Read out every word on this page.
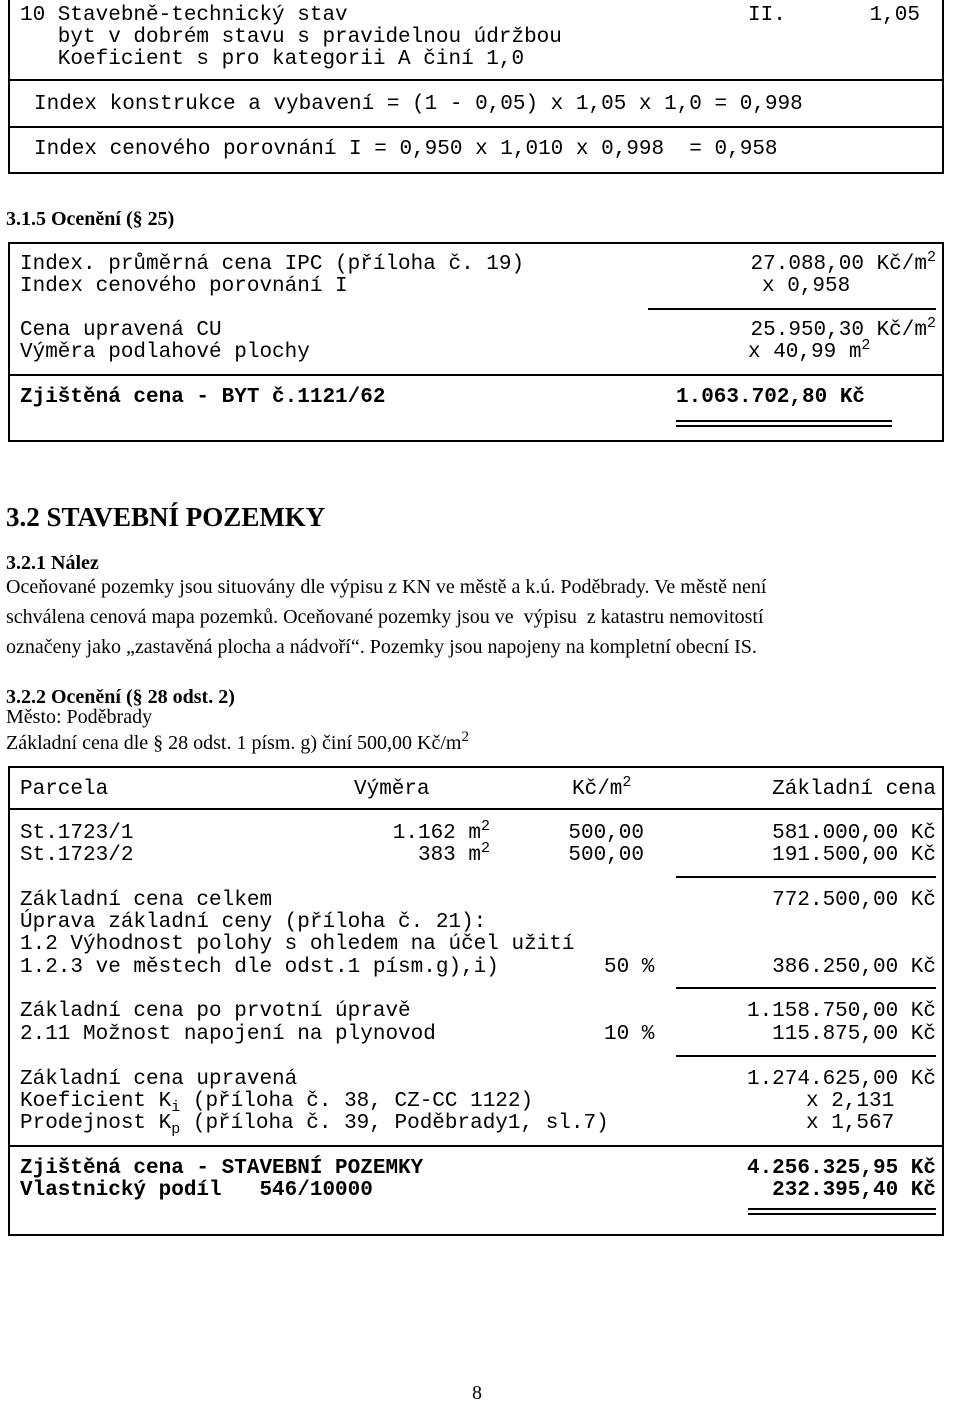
10 Stavebně-technický stav	II.	1,05
byt v dobrém stavu s pravidelnou údržbou
Koeficient s pro kategorii A činí 1,0
Index konstrukce a vybavení = (1 - 0,05) x 1,05 x 1,0 = 0,998
Index cenového porovnání I = 0,950 x 1,010 x 0,998  = 0,958
3.1.5 Ocenění (§ 25)
Index. průměrná cena IPC (příloha č. 19)	27.088,00 $Kč/m^2$
Index cenového porovnání I	x 0,958
Cena upravená CU	25.950,30 $Kč/m^2$
Výměra podlahové plochy	x 40,99 $m^2$
Zjištěná cena - BYT č.1121/62	1.063.702,80 Kč
3.2 STAVEBNÍ POZEMKY
3.2.1 Nález
Oceňované pozemky jsou situovány dle výpisu z KN ve městě a k.ú. Poděbrady. Ve městě není
schválena cenová mapa pozemků. Oceňované pozemky jsou ve  výpisu  z katastru nemovitostí
označeny jako „zastavěná plocha a nádvoří“. Pozemky jsou napojeny na kompletní obecní IS.
3.2.2 Ocenění (§ 28 odst. 2)
Město: Poděbrady
Základní cena dle § 28 odst. 1 písm. g) činí 500,00 $Kč/m^2$
Parcela	Výměra	$Kč/m^2$	Základní cena
St.1723/1	1.162 $m^2$	500,00	581.000,00 Kč
St.1723/2	383 $m^2$	500,00	191.500,00 Kč
Základní cena celkem	772.500,00 Kč
Úprava základní ceny (příloha č. 21):
1.2 Výhodnost polohy s ohledem na účel užití
1.2.3 ve městech dle odst.1 písm.g),i)	50 %	386.250,00 Kč
Základní cena po prvotní úpravě	1.158.750,00 Kč
2.11 Možnost napojení na plynovod	10 %	115.875,00 Kč
Základní cena upravená	1.274.625,00 Kč
Koeficient $K_i$ (příloha č. 38, CZ-CC 1122)	x 2,131
Prodejnost $K_p$ (příloha č. 39, Poděbrady1, sl.7)	x 1,567
Zjištěná cena - STAVEBNÍ POZEMKY	4.256.325,95 Kč
Vlastnický podíl   546/10000	232.395,40 Kč
8
